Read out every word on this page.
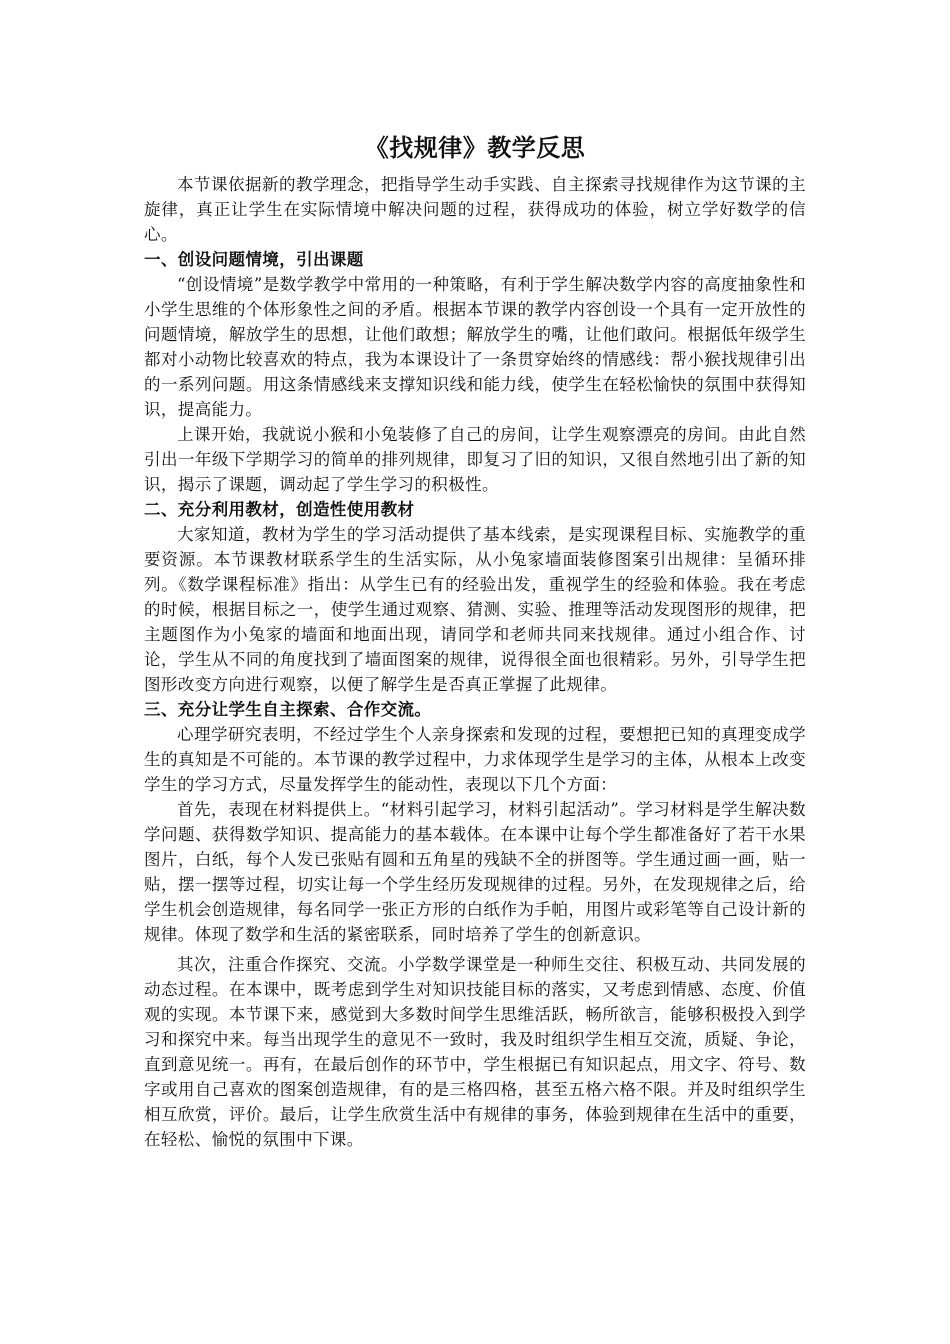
《找规律》教学反思

本节课依据新的教学理念，把指导学生动手实践、自主探索寻找规律作为这节课的主旋律，真正让学生在实际情境中解决问题的过程，获得成功的体验，树立学好数学的信心。

一、创设问题情境，引出课题

“创设情境”是数学教学中常用的一种策略，有利于学生解决数学内容的高度抽象性和小学生思维的个体形象性之间的矛盾。根据本节课的教学内容创设一个具有一定开放性的问题情境，解放学生的思想，让他们敢想；解放学生的嘴，让他们敢问。根据低年级学生都对小动物比较喜欢的特点，我为本课设计了一条贯穿始终的情感线：帮小猴找规律引出的一系列问题。用这条情感线来支撑知识线和能力线，使学生在轻松愉快的氛围中获得知识，提高能力。

上课开始，我就说小猴和小兔装修了自己的房间，让学生观察漂亮的房间。由此自然引出一年级下学期学习的简单的排列规律，即复习了旧的知识，又很自然地引出了新的知识，揭示了课题，调动起了学生学习的积极性。

二、充分利用教材，创造性使用教材

大家知道，教材为学生的学习活动提供了基本线索，是实现课程目标、实施教学的重要资源。本节课教材联系学生的生活实际，从小兔家墙面装修图案引出规律：呈循环排列。《数学课程标准》指出：从学生已有的经验出发，重视学生的经验和体验。我在考虑的时候，根据目标之一，使学生通过观察、猜测、实验、推理等活动发现图形的规律，把主题图作为小兔家的墙面和地面出现，请同学和老师共同来找规律。通过小组合作、讨论，学生从不同的角度找到了墙面图案的规律，说得很全面也很精彩。另外，引导学生把图形改变方向进行观察，以便了解学生是否真正掌握了此规律。

三、充分让学生自主探索、合作交流。

心理学研究表明，不经过学生个人亲身探索和发现的过程，要想把已知的真理变成学生的真知是不可能的。本节课的教学过程中，力求体现学生是学习的主体，从根本上改变学生的学习方式，尽量发挥学生的能动性，表现以下几个方面：

首先，表现在材料提供上。“材料引起学习，材料引起活动”。学习材料是学生解决数学问题、获得数学知识、提高能力的基本载体。在本课中让每个学生都准备好了若干水果图片，白纸，每个人发已张贴有圆和五角星的残缺不全的拼图等。学生通过画一画，贴一贴，摆一摆等过程，切实让每一个学生经历发现规律的过程。另外，在发现规律之后，给学生机会创造规律，每名同学一张正方形的白纸作为手帕，用图片或彩笔等自己设计新的规律。体现了数学和生活的紧密联系，同时培养了学生的创新意识。

其次，注重合作探究、交流。小学数学课堂是一种师生交往、积极互动、共同发展的动态过程。在本课中，既考虑到学生对知识技能目标的落实，又考虑到情感、态度、价值观的实现。本节课下来，感觉到大多数时间学生思维活跃，畅所欲言，能够积极投入到学习和探究中来。每当出现学生的意见不一致时，我及时组织学生相互交流，质疑、争论，直到意见统一。再有，在最后创作的环节中，学生根据已有知识起点，用文字、符号、数字或用自己喜欢的图案创造规律，有的是三格四格，甚至五格六格不限。并及时组织学生相互欣赏，评价。最后，让学生欣赏生活中有规律的事务，体验到规律在生活中的重要，在轻松、愉悦的氛围中下课。
